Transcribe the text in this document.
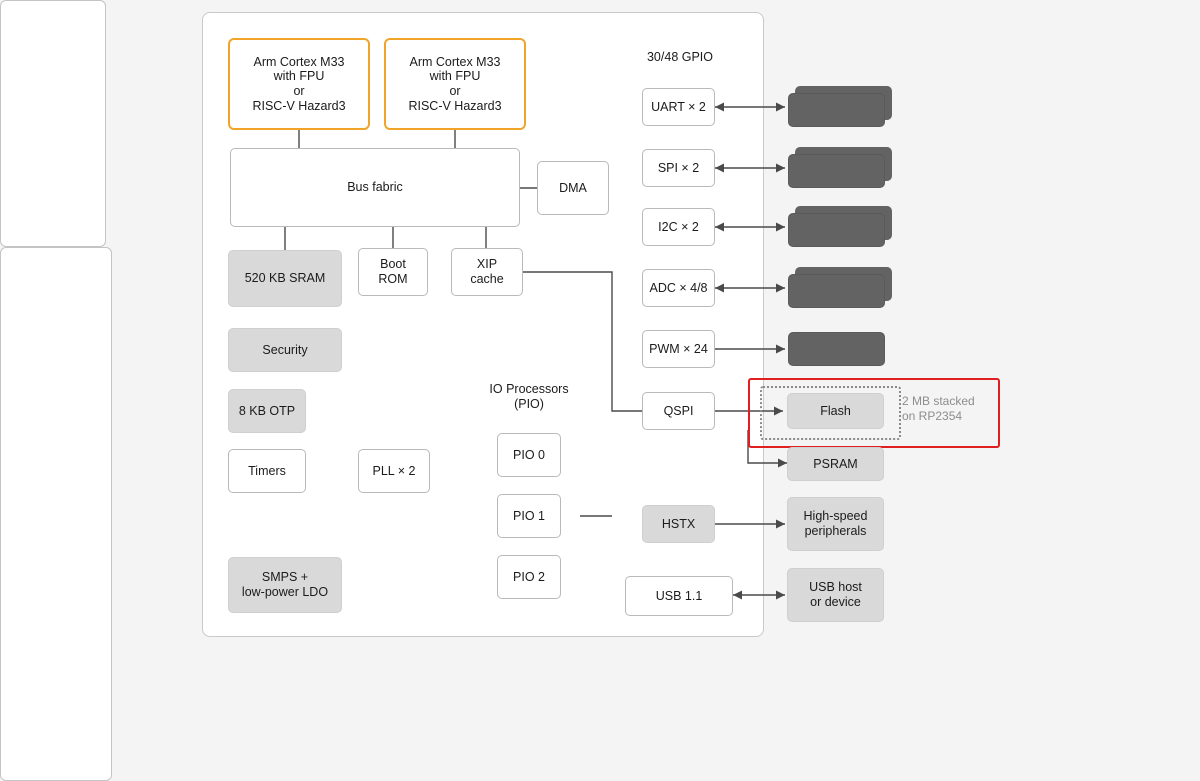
Arm Cortex M33
with FPU
or
RISC-V Hazard3
Arm Cortex M33
with FPU
or
RISC-V Hazard3
Bus fabric	DMA
520 KB SRAM
Boot
ROM
XIP
cache
Security
8 KB OTP
Timers	PLL × 2
SMPS +
low-power LDO
IO Processors
(PIO)
PIO 0
PIO 1
PIO 2
30/48 GPIO
UART × 2
SPI × 2
I2C × 2
ADC × 4/8
PWM × 24
QSPI
HSTX
USB 1.1
Flash
2 MB stacked
on RP2354
PSRAM
High-speed
peripherals
USB host
or device
